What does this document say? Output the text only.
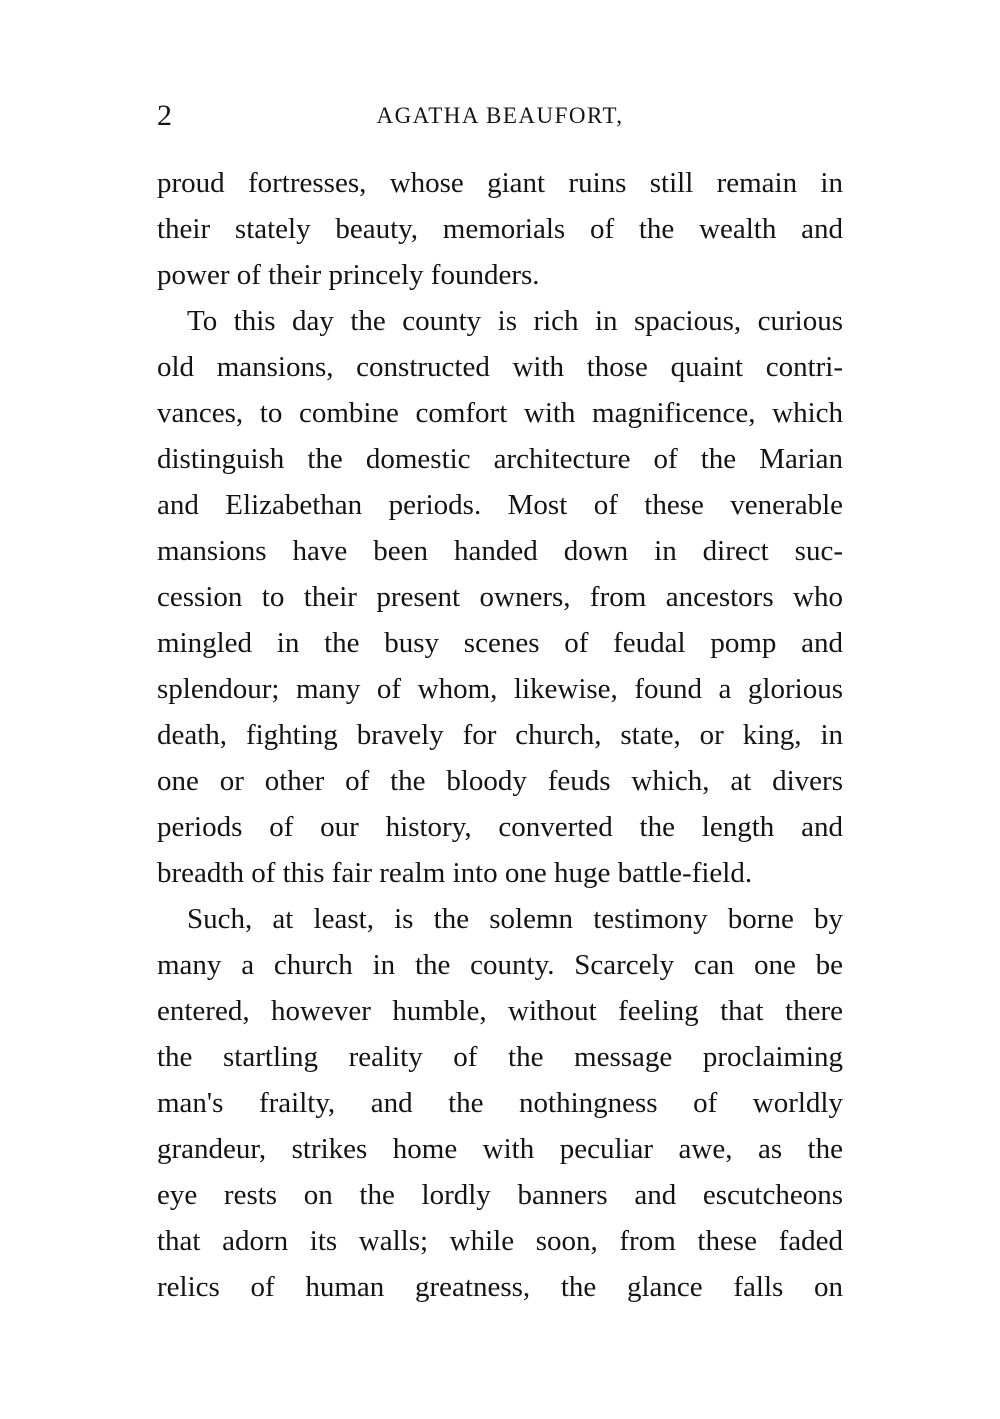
2	AGATHA BEAUFORT,
proud fortresses, whose giant ruins still remain in
their stately beauty, memorials of the wealth and
power of their princely founders.
To this day the county is rich in spacious, curious
old mansions, constructed with those quaint contri-
vances, to combine comfort with magnificence, which
distinguish the domestic architecture of the Marian
and Elizabethan periods. Most of these venerable
mansions have been handed down in direct suc-
cession to their present owners, from ancestors who
mingled in the busy scenes of feudal pomp and
splendour; many of whom, likewise, found a glorious
death, fighting bravely for church, state, or king, in
one or other of the bloody feuds which, at divers
periods of our history, converted the length and
breadth of this fair realm into one huge battle-field.
Such, at least, is the solemn testimony borne by
many a church in the county. Scarcely can one be
entered, however humble, without feeling that there
the startling reality of the message proclaiming
man's frailty, and the nothingness of worldly
grandeur, strikes home with peculiar awe, as the
eye rests on the lordly banners and escutcheons
that adorn its walls; while soon, from these faded
relics of human greatness, the glance falls on
